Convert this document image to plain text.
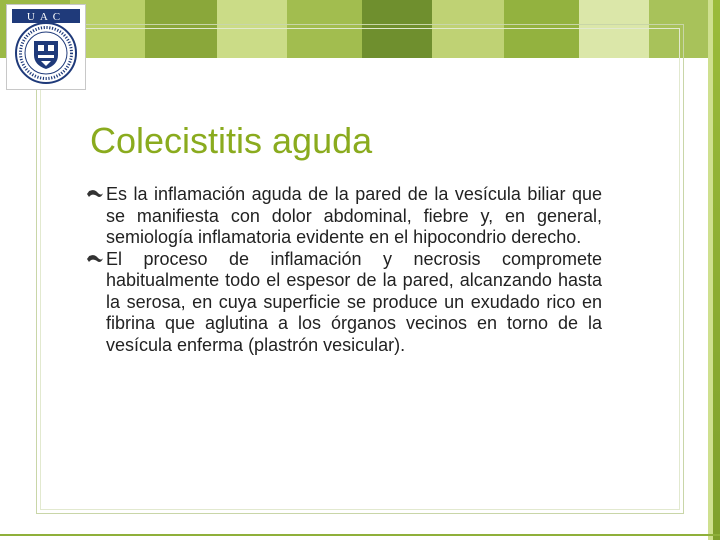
UAC
Colecistitis aguda
Es la inflamación aguda de la pared de la vesícula biliar que se manifiesta con dolor abdominal, fiebre y, en general, semiología inflamatoria evidente en el hipocondrio derecho.
El proceso de inflamación y necrosis compromete habitualmente todo el espesor de la pared, alcanzando hasta la serosa, en cuya superficie se produce un exudado rico en fibrina que aglutina a los órganos vecinos en torno de la vesícula enferma (plastrón vesicular).
